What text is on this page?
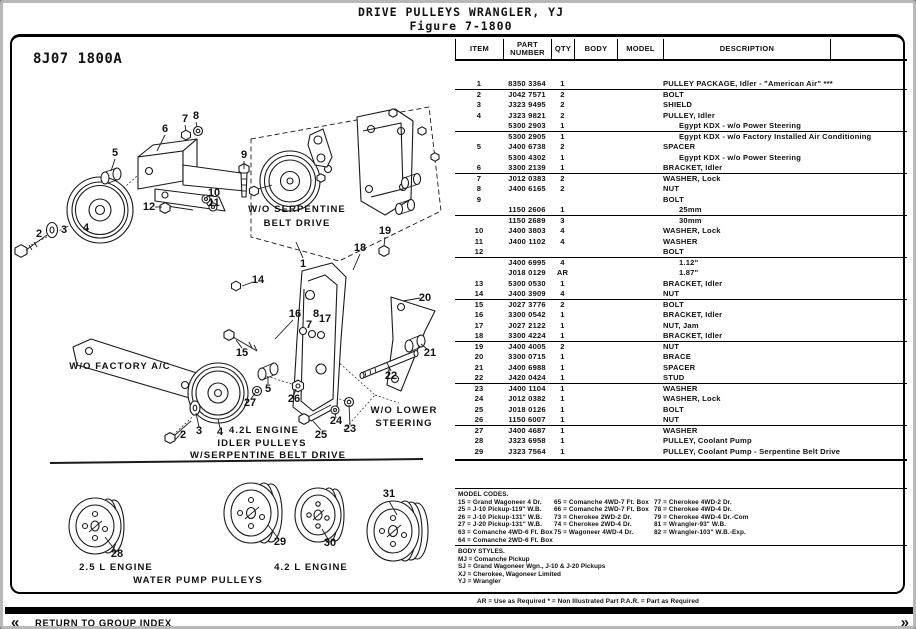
DRIVE PULLEYS WRANGLER, YJ
Figure 7-1800
8J07 1800A
W/O SERPENTINE
BELT DRIVE
W/O FACTORY A/C
4.2L ENGINE
IDLER PULLEYS
W/SERPENTINE BELT DRIVE
W/O LOWER
STEERING
2.5 L ENGINE
WATER PUMP PULLEYS
4.2 L ENGINE
2 3 4
5
6
7 8
9
10
11
12
1
19
18
20
14
16 8
7 17
15	21
22
5
26
27
2 3 4	25
24
23
28
29	30
31
ITEM	PART NUMBER	QTY	BODY	MODEL	DESCRIPTION
1	8350 3364	1	PULLEY PACKAGE, Idler - "American Air" ***
2	J042 7571	2	BOLT
3	J323 9495	2	SHIELD
4	J323 9821	2	PULLEY, Idler
5300 2903	1	Egypt KDX - w/o Power Steering
5300 2905	1	Egypt KDX - w/o Factory Installed Air Conditioning
5	J400 6738	2	SPACER
5300 4302	1	Egypt KDX - w/o Power Steering
6	3300 2139	1	BRACKET, Idler
7	J012 0383	2	WASHER, Lock
8	J400 6165	2	NUT
9	BOLT
1150 2606	1	25mm
1150 2689	3	30mm
10	J400 3803	4	WASHER, Lock
11	J400 1102	4	WASHER
12	BOLT
J400 6995	4	1.12"
J018 0129	AR	1.87"
13	5300 0530	1	BRACKET, Idler
14	J400 3909	4	NUT
15	J027 3776	2	BOLT
16	3300 0542	1	BRACKET, Idler
17	J027 2122	1	NUT, Jam
18	3300 4224	1	BRACKET, Idler
19	J400 4005	2	NUT
20	3300 0715	1	BRACE
21	J400 6988	1	SPACER
22	J420 0424	1	STUD
23	J400 1104	1	WASHER
24	J012 0382	1	WASHER, Lock
25	J018 0126	1	BOLT
26	1150 6007	1	NUT
27	J400 4687	1	WASHER
28	J323 6958	1	PULLEY, Coolant Pump
29	J323 7564	1	PULLEY, Coolant Pump - Serpentine Belt Drive
MODEL CODES.
15 = Grand Wagoneer 4 Dr.
25 = J-10 Pickup-119" W.B.
26 = J-10 Pickup-131" W.B.
27 = J-20 Pickup-131" W.B.
63 = Comanche 4WD-6 Ft. Box
64 = Comanche 2WD-6 Ft. Box
65 = Comanche 4WD-7 Ft. Box
66 = Comanche 2WD-7 Ft. Box
73 = Cherokee 2WD-2 Dr.
74 = Cherokee 2WD-4 Dr.
75 = Wagoneer 4WD-4 Dr.
77 = Cherokee 4WD-2 Dr.
78 = Cherokee 4WD-4 Dr.
79 = Cherokee 4WD-4 Dr.-Com
81 = Wrangler-93" W.B.
82 = Wrangler-103" W.B.-Exp.
BODY STYLES.
MJ = Comanche Pickup
SJ = Grand Wagoneer Wgn., J-10 & J-20 Pickups
XJ = Cherokee, Wagoneer Limited
YJ = Wrangler
AR = Use as Required * = Non Illustrated Part P.A.R. = Part as Required
« RETURN TO GROUP INDEX	»
